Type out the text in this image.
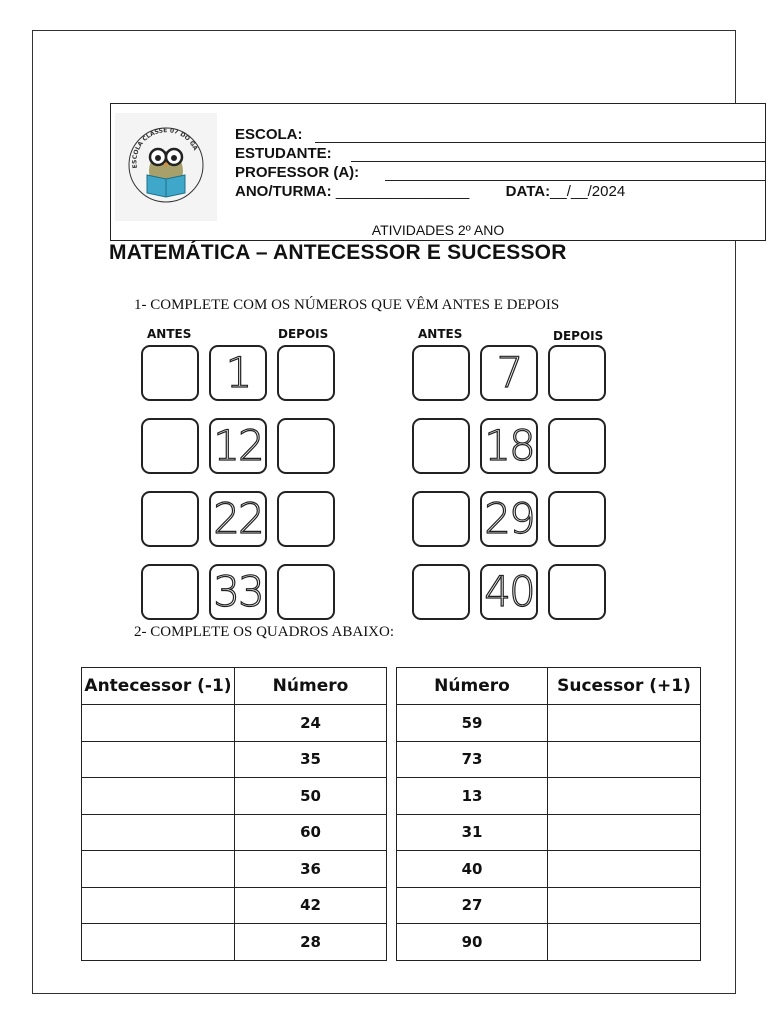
ESCOLA CLASSE 07 DO GA
ESCOLA:
ESTUDANTE:
PROFESSOR (A):
ANO/TURMA: ________________ DATA:__/__/2024
ATIVIDADES 2º ANO
MATEMÁTICA – ANTECESSOR E SUCESSOR
1- COMPLETE COM OS NÚMEROS QUE VÊM ANTES E DEPOIS
ANTES	DEPOIS	ANTES	DEPOIS
1
12
22
33
7
18
29
40
2- COMPLETE OS QUADROS ABAIXO:
Antecessor (-1)	Número
	24
	35
	50
	60
	36
	42
	28
Número	Sucessor (+1)
59	
73	
13	
31	
40	
27	
90	
